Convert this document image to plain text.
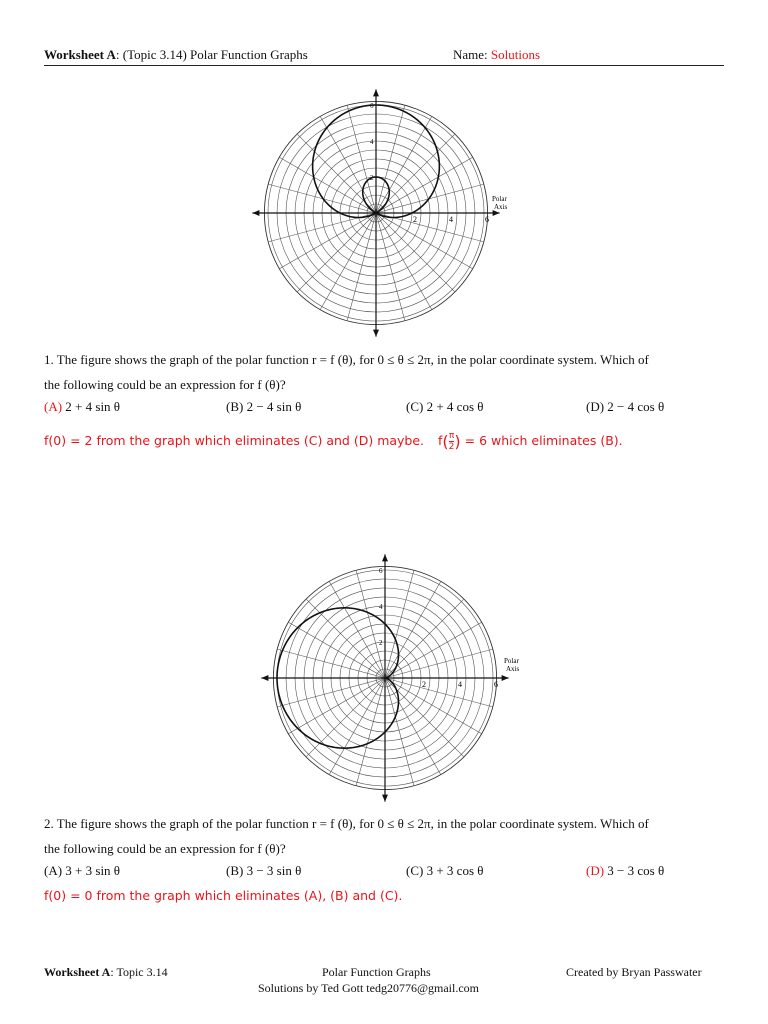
Worksheet A: (Topic 3.14) Polar Function Graphs	Name: Solutions
2
2
4
4
6
6
Polar
Axis
1. The figure shows the graph of the polar function r = f (θ), for 0 ≤ θ ≤ 2π, in the polar coordinate system. Which of
the following could be an expression for f (θ)?
(A) 2 + 4 sin θ	(B) 2 − 4 sin θ	(C) 2 + 4 cos θ	(D) 2 − 4 cos θ
f(0) = 2 from the graph which eliminates (C) and (D) maybe. $f( \frac{\pi}{2}$ ) = 6 which eliminates (B).
2
2
4
4
6
6
Polar
Axis
2. The figure shows the graph of the polar function r = f (θ), for 0 ≤ θ ≤ 2π, in the polar coordinate system. Which of
the following could be an expression for f (θ)?
(A) 3 + 3 sin θ	(B) 3 − 3 sin θ	(C) 3 + 3 cos θ	(D) 3 − 3 cos θ
f(0) = 0 from the graph which eliminates (A), (B) and (C).
Worksheet A: Topic 3.14	Polar Function Graphs	Created by Bryan Passwater
Solutions by Ted Gott tedg20776@gmail.com
